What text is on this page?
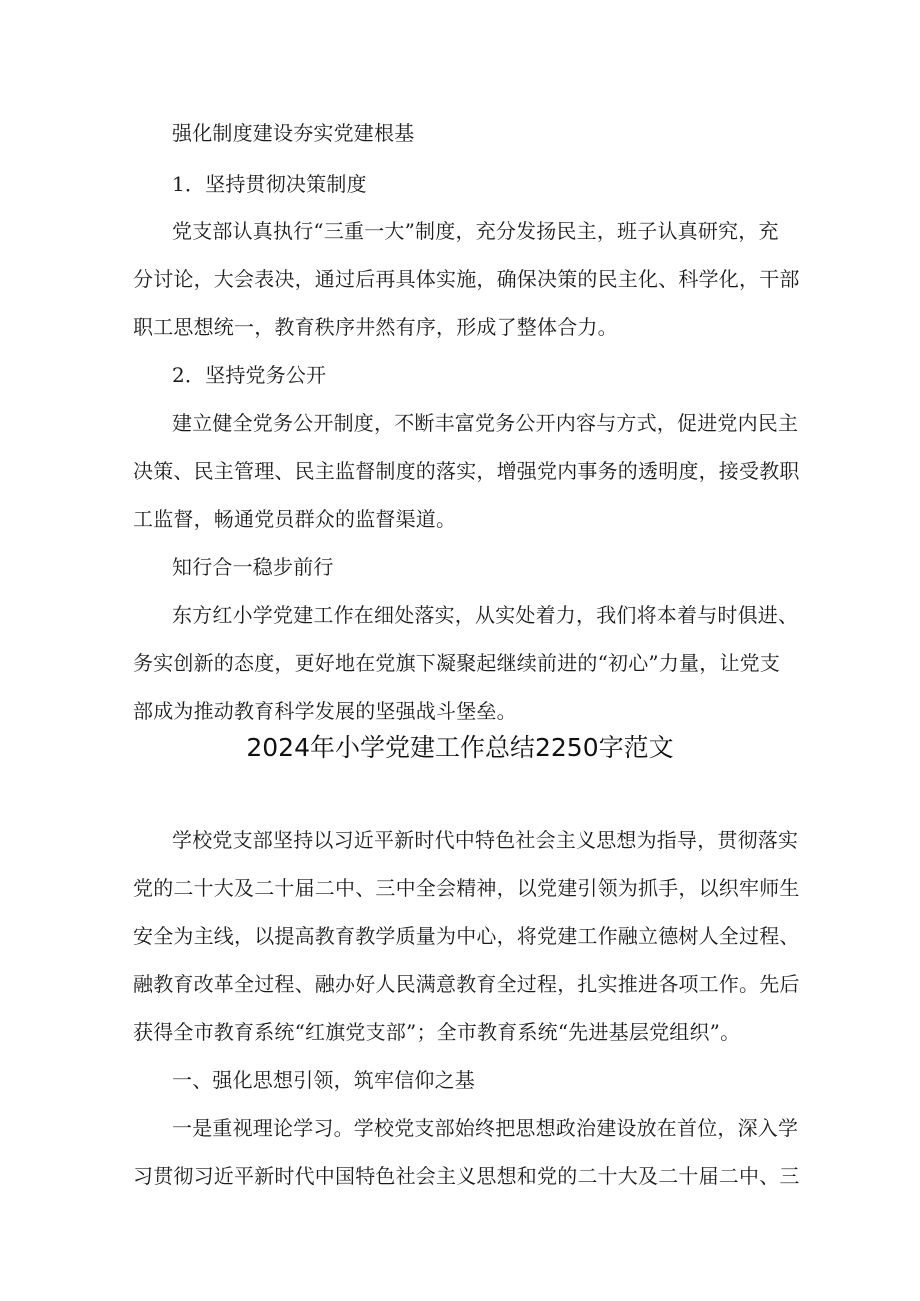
强化制度建设夯实党建根基
1．坚持贯彻决策制度
党支部认真执行“三重一大”制度，充分发扬民主，班子认真研究，充
分讨论，大会表决，通过后再具体实施，确保决策的民主化、科学化，干部
职工思想统一，教育秩序井然有序，形成了整体合力。
2．坚持党务公开
建立健全党务公开制度，不断丰富党务公开内容与方式，促进党内民主
决策、民主管理、民主监督制度的落实，增强党内事务的透明度，接受教职
工监督，畅通党员群众的监督渠道。
知行合一稳步前行
东方红小学党建工作在细处落实，从实处着力，我们将本着与时俱进、
务实创新的态度，更好地在党旗下凝聚起继续前进的“初心”力量，让党支
部成为推动教育科学发展的坚强战斗堡垒。
2024年小学党建工作总结2250字范文
学校党支部坚持以习近平新时代中特色社会主义思想为指导，贯彻落实
党的二十大及二十届二中、三中全会精神，以党建引领为抓手，以织牢师生
安全为主线，以提高教育教学质量为中心，将党建工作融立德树人全过程、
融教育改革全过程、融办好人民满意教育全过程，扎实推进各项工作。先后
获得全市教育系统“红旗党支部”；全市教育系统“先进基层党组织”。
一、强化思想引领，筑牢信仰之基
一是重视理论学习。学校党支部始终把思想政治建设放在首位，深入学
习贯彻习近平新时代中国特色社会主义思想和党的二十大及二十届二中、三
